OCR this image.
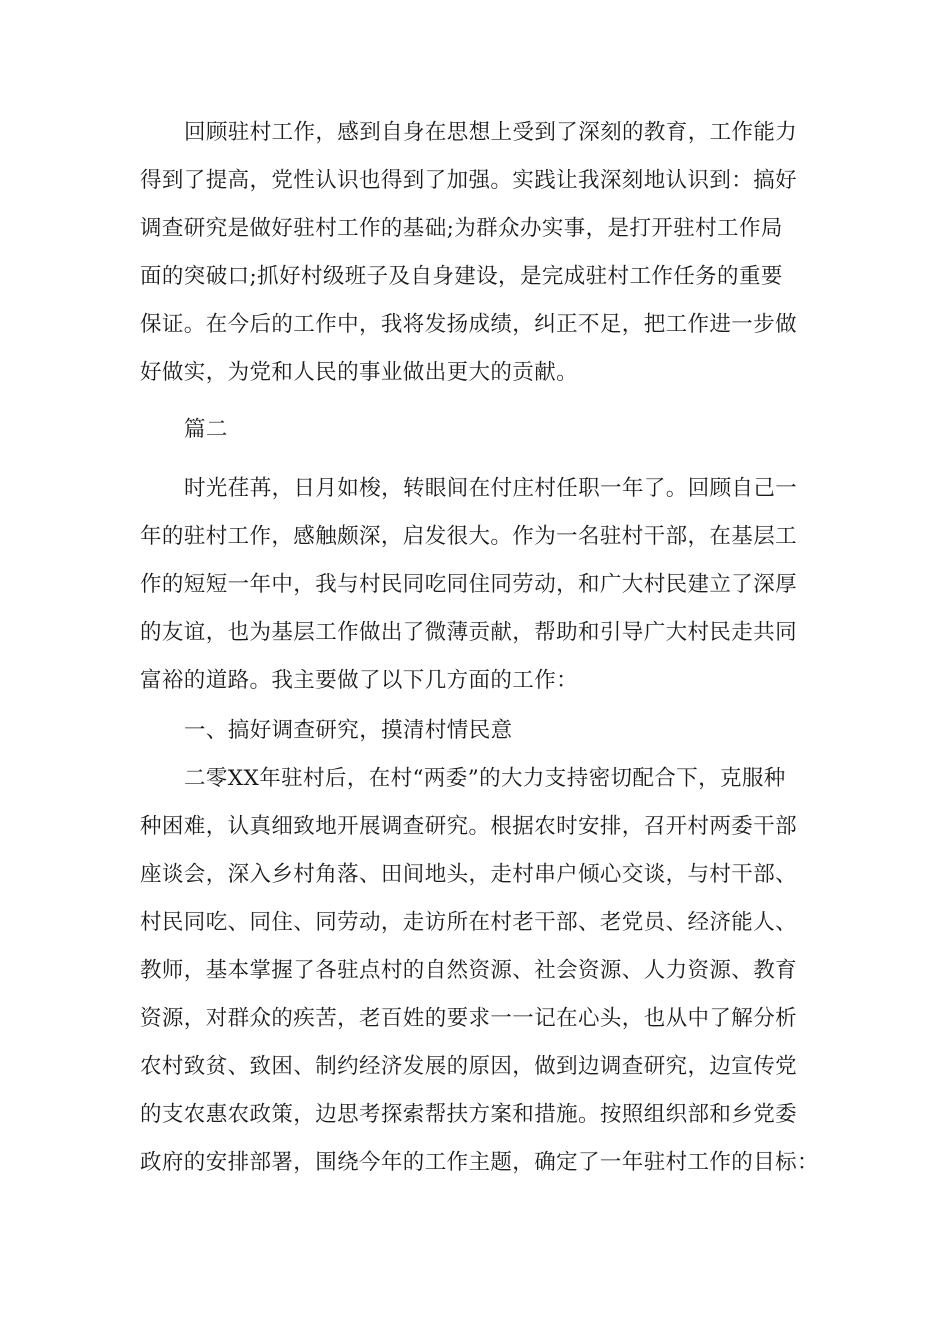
回顾驻村工作，感到自身在思想上受到了深刻的教育，工作能力
得到了提高，党性认识也得到了加强。实践让我深刻地认识到：搞好
调查研究是做好驻村工作的基础;为群众办实事，是打开驻村工作局
面的突破口;抓好村级班子及自身建设，是完成驻村工作任务的重要
保证。在今后的工作中，我将发扬成绩，纠正不足，把工作进一步做
好做实，为党和人民的事业做出更大的贡献。
篇二
时光荏苒，日月如梭，转眼间在付庄村任职一年了。回顾自己一
年的驻村工作，感触颇深，启发很大。作为一名驻村干部，在基层工
作的短短一年中，我与村民同吃同住同劳动，和广大村民建立了深厚
的友谊，也为基层工作做出了微薄贡献，帮助和引导广大村民走共同
富裕的道路。我主要做了以下几方面的工作：
一、搞好调查研究，摸清村情民意
二零XX年驻村后，在村“两委”的大力支持密切配合下，克服种
种困难，认真细致地开展调查研究。根据农时安排，召开村两委干部
座谈会，深入乡村角落、田间地头，走村串户倾心交谈，与村干部、
村民同吃、同住、同劳动，走访所在村老干部、老党员、经济能人、
教师，基本掌握了各驻点村的自然资源、社会资源、人力资源、教育
资源，对群众的疾苦，老百姓的要求一一记在心头，也从中了解分析
农村致贫、致困、制约经济发展的原因，做到边调查研究，边宣传党
的支农惠农政策，边思考探索帮扶方案和措施。按照组织部和乡党委
政府的安排部署，围绕今年的工作主题，确定了一年驻村工作的目标：
